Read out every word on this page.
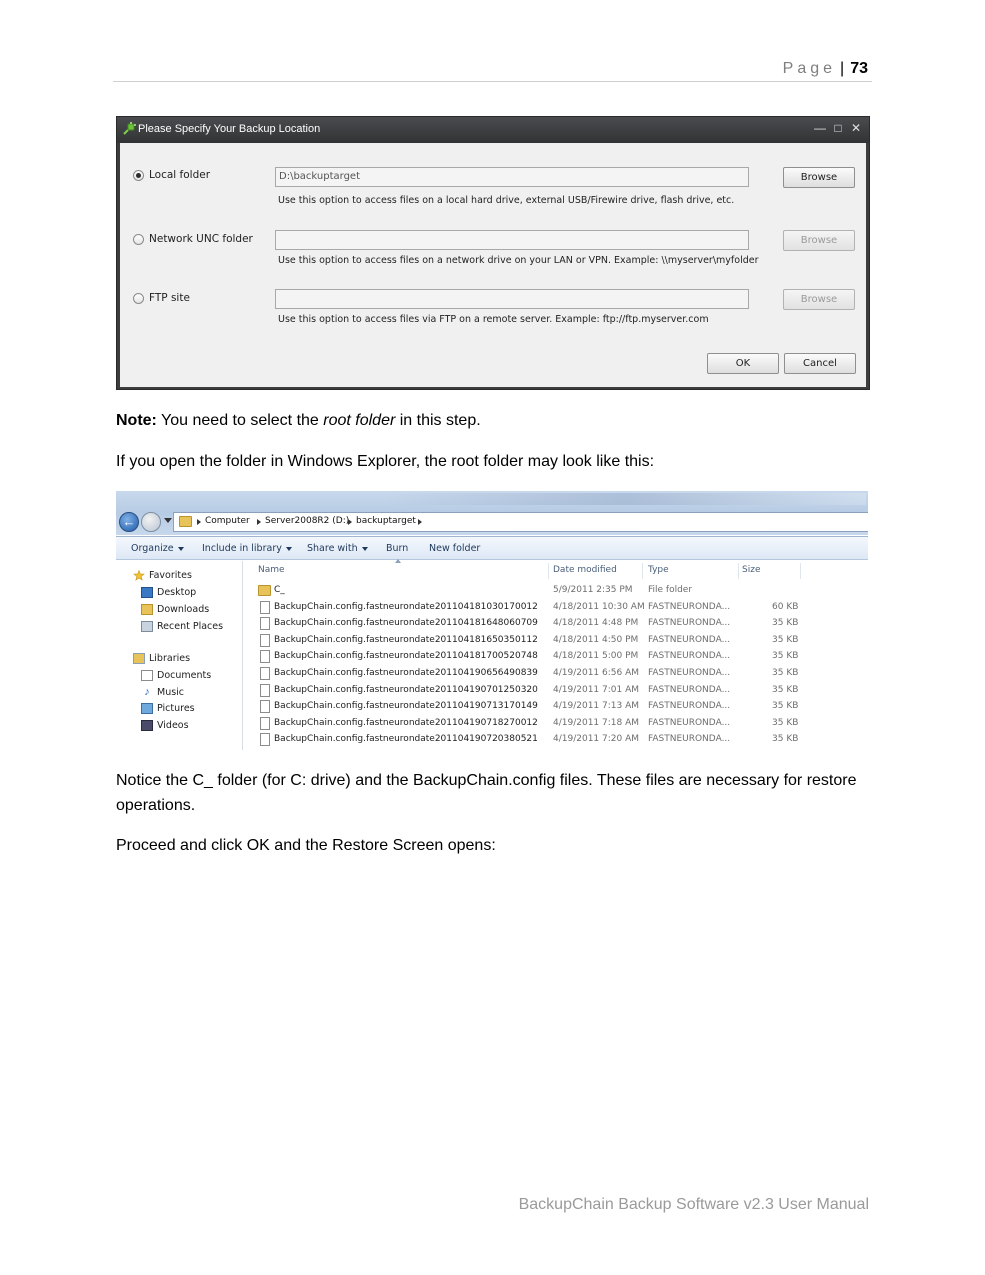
Page | 73
Please Specify Your Backup Location	— □ ✕
Local folder	D:\backuptarget
Use this option to access files on a local hard drive, external USB/Firewire drive, flash drive, etc.
Browse
Network UNC folder
Use this option to access files on a network drive on your LAN or VPN. Example: \\myserver\myfolder
Browse
FTP site
Use this option to access files via FTP on a remote server. Example: ftp://ftp.myserver.com
Browse
OK	Cancel
Note: You need to select the root folder in this step.
If you open the folder in Windows Explorer, the root folder may look like this:
←	Computer Server2008R2 (D:) backuptarget
Organize	Include in library	Share with	Burn New folder
Favorites
Desktop
Downloads
Recent Places
Libraries
Documents
♪ Music
Pictures
Videos
Name	Date modified	Type	Size
C_	5/9/2011 2:35 PM File folder
BackupChain.config.fastneurondate201104181030170012 4/18/2011 10:30 AM FASTNEURONDA...	60 KB
BackupChain.config.fastneurondate201104181648060709 4/18/2011 4:48 PM FASTNEURONDA...	35 KB
BackupChain.config.fastneurondate201104181650350112 4/18/2011 4:50 PM FASTNEURONDA...	35 KB
BackupChain.config.fastneurondate201104181700520748 4/18/2011 5:00 PM FASTNEURONDA...	35 KB
BackupChain.config.fastneurondate201104190656490839 4/19/2011 6:56 AM FASTNEURONDA...	35 KB
BackupChain.config.fastneurondate201104190701250320 4/19/2011 7:01 AM FASTNEURONDA...	35 KB
BackupChain.config.fastneurondate201104190713170149 4/19/2011 7:13 AM FASTNEURONDA...	35 KB
BackupChain.config.fastneurondate201104190718270012 4/19/2011 7:18 AM FASTNEURONDA...	35 KB
BackupChain.config.fastneurondate201104190720380521 4/19/2011 7:20 AM FASTNEURONDA...	35 KB
Notice the C_ folder (for C: drive) and the BackupChain.config files. These files are necessary for restore operations.
Proceed and click OK and the Restore Screen opens:
BackupChain Backup Software v2.3 User Manual
